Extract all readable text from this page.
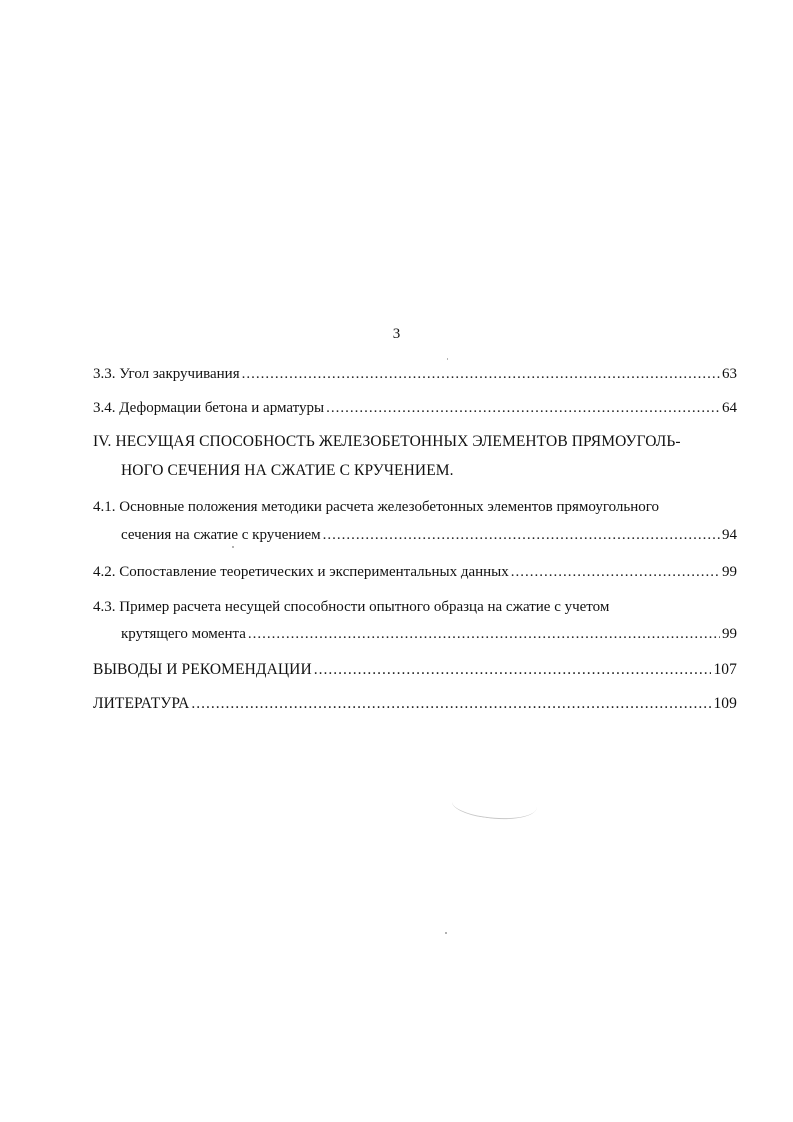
3
3.3. Угол закручивания .....	63
3.4. Деформации бетона и арматуры .....	64
IV. НЕСУЩАЯ СПОСОБНОСТЬ ЖЕЛЕЗОБЕТОННЫХ ЭЛЕМЕНТОВ ПРЯМОУГОЛЬ-
НОГО СЕЧЕНИЯ НА СЖАТИЕ С КРУЧЕНИЕМ.
4.1. Основные положения методики расчета железобетонных элементов прямоугольного
сечения на сжатие с кручением .....	94
4.2. Сопоставление теоретических и экспериментальных данных .....	99
4.3. Пример расчета несущей способности опытного образца на сжатие с учетом
крутящего момента .....	99
ВЫВОДЫ И РЕКОМЕНДАЦИИ .....	107
ЛИТЕРАТУРА .....	109
